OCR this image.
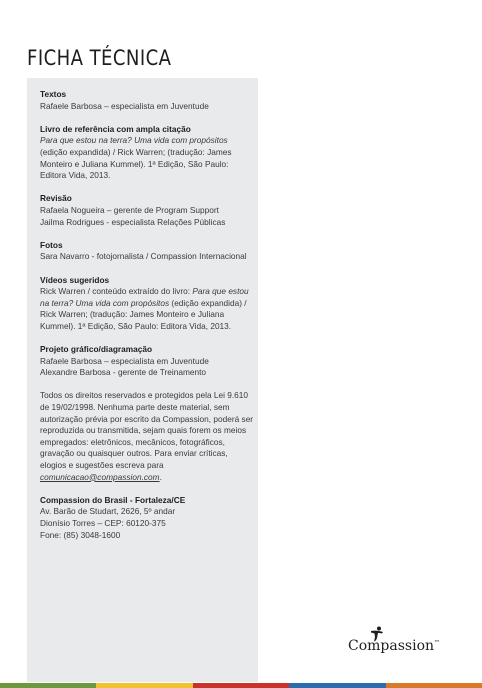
FICHA TÉCNICA
Textos

Rafaele Barbosa – especialista em Juventude

Livro de referência com ampla citação

Para que estou na terra? Uma vida com propósitos (edição expandida) / Rick Warren; (tradução: James Monteiro e Juliana Kummel). 1ª Edição, São Paulo: Editora Vida, 2013.

Revisão

Rafaela Nogueira – gerente de Program Support

Jailma Rodrigues - especialista Relações Públicas

Fotos

Sara Navarro - fotojornalista / Compassion Internacional

Vídeos sugeridos

Rick Warren / conteúdo extraído do livro: Para que estou na terra? Uma vida com propósitos (edição expandida) / Rick Warren; (tradução: James Monteiro e Juliana Kummel). 1ª Edição, São Paulo: Editora Vida, 2013.

Projeto gráfico/diagramação

Rafaele Barbosa – especialista em Juventude

Alexandre Barbosa - gerente de Treinamento

Todos os direitos reservados e protegidos pela Lei 9.610 de 19/02/1998. Nenhuma parte deste material, sem autorização prévia por escrito da Compassion, poderá ser reproduzida ou transmitida, sejam quais forem os meios empregados: eletrônicos, mecânicos, fotográficos, gravação ou quaisquer outros. Para enviar críticas, elogios e sugestões escreva para comunicacao@compassion.com.

Compassion do Brasil - Fortaleza/CE

Av. Barão de Studart, 2626, 5º andar

Dionísio Torres – CEP: 60120-375

Fone: (85) 3048-1600

Compassion™
